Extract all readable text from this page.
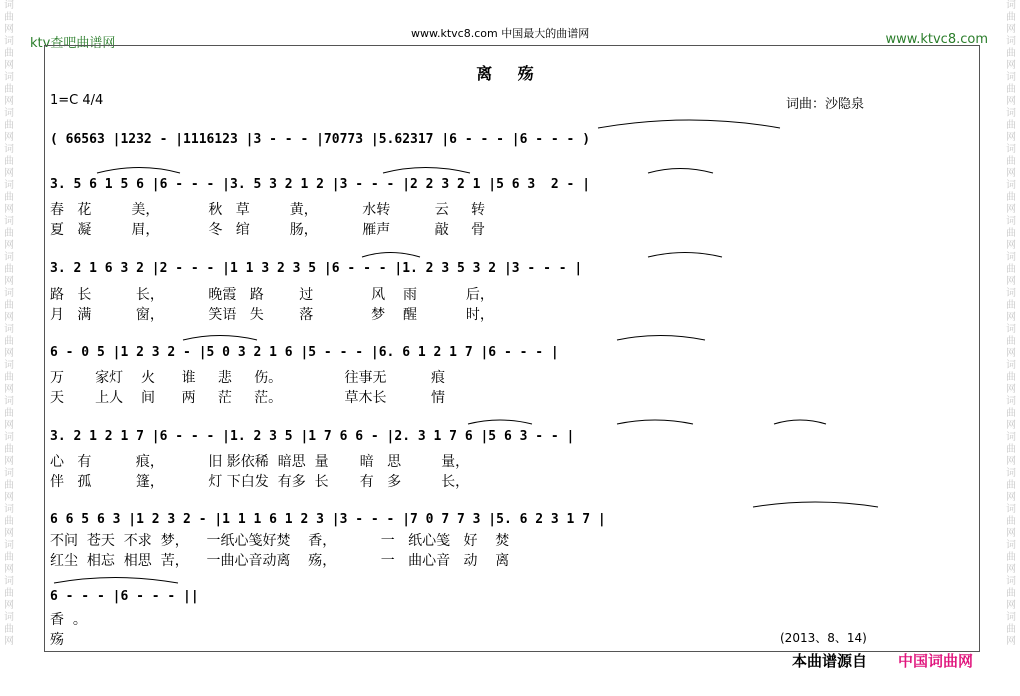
词曲网词曲网词曲网词曲网词曲网词曲网词曲网词曲网词曲网词曲网词曲网词曲网词曲网词曲网词曲网词曲网词曲网词曲网
词曲网词曲网词曲网词曲网词曲网词曲网词曲网词曲网词曲网词曲网词曲网词曲网词曲网词曲网词曲网词曲网词曲网词曲网
ktv查吧曲谱网
www.ktvc8.com 中国最大的曲谱网	www.ktvc8.com
离 殇
1=C 4/4	词曲：沙隐泉
( 66563 |1232 - |1116123 |3 - - - |70773 |5.62317 |6 - - - |6 - - - )
3. 5 6 1 5 6 |6 - - - |3. 5 3 2 1 2 |3 - - - |2 2 3 2 1 |5 6 3  2 - |
春   花         美，           秋   草         黄，          水转          云     转
夏   凝         眉，           冬   绾         肠，          雁声          敲     骨
3. 2 1 6 3 2 |2 - - - |1 1 3 2 3 5 |6 - - - |1. 2 3 5 3 2 |3 - - - |
路   长          长，          晚霞   路        过             风    雨           后，
月   满          窗，          笑语   失        落             梦    醒           时，
6 - 0 5 |1 2 3 2 - |5 0 3 2 1 6 |5 - - - |6. 6 1 2 1 7 |6 - - - |
万       家灯    火      谁     悲     伤。              往事无          痕
天       上人    间      两     茫     茫。              草木长          情
3. 2 1 2 1 7 |6 - - - |1. 2 3 5 |1 7 6 6 - |2. 3 1 7 6 |5 6 3 - - |
心   有          痕，          旧 影依稀  暗思  量       暗   思         量，
伴   孤          篷，          灯 下白发  有多  长       有   多         长，
6 6 5 6 3 |1 2 3 2 - |1 1 1 6 1 2 3 |3 - - - |7 0 7 7 3 |5. 6 2 3 1 7 |
不问  苍天  不求  梦，    一纸心笺好焚    香，          一   纸心笺   好    焚
红尘  相忘  相思  苦，    一曲心音动离    殇，          一   曲心音   动    离
6 - - - |6 - - - ||
香  。
殇	(2013、8、14)
本曲谱源自 中国词曲网
